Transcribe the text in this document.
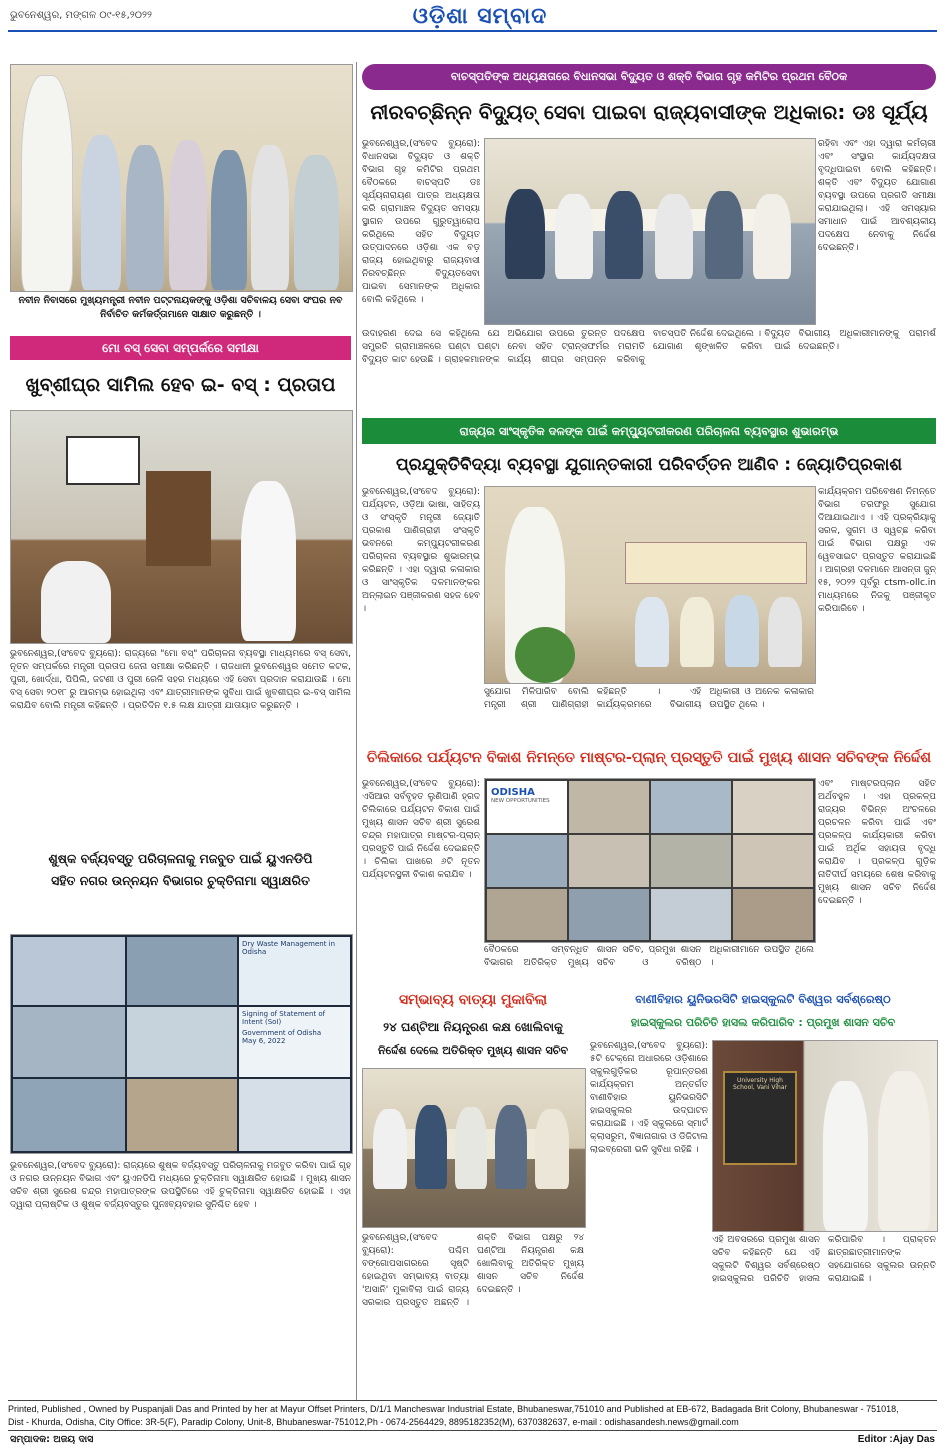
ଭୁବନେଶ୍ୱର, ମଙ୍ଗଳ ୦୯-୧୫,୨୦୨୨	ଓଡ଼ିଶା ସମ୍ବାଦ
ନବୀନ ନିବାସରେ ମୁଖ୍ୟମନ୍ତ୍ରୀ ନବୀନ ପଟ୍ଟନାୟକଙ୍କୁ ଓଡ଼ିଶା ସଚିବାଳୟ ସେବା ସଂଘର ନବ ନିର୍ବାଚିତ କର୍ମକର୍ତ୍ତାମାନେ ସାକ୍ଷାତ କରୁଛନ୍ତି ।
ମୋ ବସ୍ ସେବା ସମ୍ପର୍କରେ ସମୀକ୍ଷା
ଖୁବ୍‌ଶୀଘ୍ର ସାମିଲ ହେବ ଇ- ବସ୍ : ପ୍ରତାପ
ଭୁବନେଶ୍ୱର,(ସଂବେଦ ବ୍ୟୁରୋ): ରାଜ୍ୟରେ "ମୋ ବସ୍" ପରିଚାଳନା ବ୍ୟବସ୍ଥା ମାଧ୍ୟମରେ ବସ୍ ସେବା, ନୂତନ ସମ୍ପର୍କରେ ମନ୍ତ୍ରୀ ପ୍ରତାପ ଜେନା ସମୀକ୍ଷା କରିଛନ୍ତି । ରାଜଧାନୀ ଭୁବନେଶ୍ୱର ସମେତ କଟକ, ପୁରୀ, ଖୋର୍ଦ୍ଧା, ପିପିଲି, ଜଟଣୀ ଓ ପୁରୀ ରେଳି ସହର ମଧ୍ୟରେ ଏହି ସେବା ପ୍ରଦାନ କରାଯାଉଛି । ମୋ ବସ୍ ସେବା ୨୦୧୮ ରୁ ଆରମ୍ଭ ହୋଇଥିଲା ଏବଂ ଯାତ୍ରୀମାନଙ୍କ ସୁବିଧା ପାଇଁ ଖୁବଶୀଘ୍ର ଇ-ବସ୍ ସାମିଲ କରାଯିବ ବୋଲି ମନ୍ତ୍ରୀ କହିଛନ୍ତି । ପ୍ରତିଦିନ ୧.୫ ଲକ୍ଷ ଯାତ୍ରୀ ଯାତାୟାତ କରୁଛନ୍ତି ।
ଶୁଷ୍କ ବର୍ଜ୍ୟବସ୍ତୁ ପରିଚାଳନାକୁ ମଜବୁତ ପାଇଁ ୟୁଏନଡିପି
ସହିତ ନଗର ଉନ୍ନୟନ ବିଭାଗର ଚୁକ୍ତିନାମା ସ୍ୱାକ୍ଷରିତ
Dry Waste Management in Odisha
Signing of Statement of Intent (SoI)
Government of Odisha
May 6, 2022
ଭୁବନେଶ୍ୱର,(ସଂବେଦ ବ୍ୟୁରୋ): ରାଜ୍ୟରେ ଶୁଷ୍କ ବର୍ଜ୍ୟବସ୍ତୁ ପରିଚାଳନାକୁ ମଜବୁତ କରିବା ପାଇଁ ଗୃହ ଓ ନଗର ଉନ୍ନୟନ ବିଭାଗ ଏବଂ ୟୁଏନଡିପି ମଧ୍ୟରେ ଚୁକ୍ତିନାମା ସ୍ୱାକ୍ଷରିତ ହୋଇଛି । ମୁଖ୍ୟ ଶାସନ ସଚିବ ଶ୍ରୀ ସୁରେଶ ଚନ୍ଦ୍ର ମହାପାତ୍ରଙ୍କ ଉପସ୍ଥିତିରେ ଏହି ଚୁକ୍ତିନାମା ସ୍ୱାକ୍ଷରିତ ହୋଇଛି । ଏହା ଦ୍ୱାରା ପ୍ଲାଷ୍ଟିକ ଓ ଶୁଷ୍କ ବର୍ଜ୍ୟବସ୍ତୁର ପୁନଃବ୍ୟବହାର ସୁନିଶ୍ଚିତ ହେବ ।
ବାଚସ୍ପତିଙ୍କ ଅଧ୍ୟକ୍ଷତାରେ ବିଧାନସଭା ବିଦ୍ୟୁତ ଓ ଶକ୍ତି ବିଭାଗ ଗୃହ କମିଟିର ପ୍ରଥମ ବୈଠକ
ନୀରବଚ୍ଛିନ୍ନ ବିଦ୍ୟୁତ୍ ସେବା ପାଇବା ରାଜ୍ୟବାସୀଙ୍କ ଅଧିକାର: ଡଃ ସୂର୍ଯ୍ୟ
ଭୁବନେଶ୍ୱର,(ସଂବେଦ ବ୍ୟୁରୋ): ବିଧାନସଭା ବିଦ୍ୟୁତ ଓ ଶକ୍ତି ବିଭାଗ ଗୃହ କମିଟିର ପ୍ରଥମ ବୈଠକରେ ବାଚସ୍ପତି ଡଃ ସୂର୍ଯ୍ୟନାରାୟଣ ପାତ୍ର ଅଧ୍ୟକ୍ଷତା କରି ଗ୍ରାମାଞ୍ଚଳ ବିଦ୍ୟୁତ ସମସ୍ୟା ସ୍ଥାଗନ ଉପରେ ଗୁରୁତ୍ୱାରୋପ କରିଥିଲେ ସହିତ ବିଦ୍ୟୁତ ଉତ୍ପାଦନରେ ଓଡ଼ିଶା ଏକ ବଡ଼ ରାଜ୍ୟ ହୋଇଥିବାରୁ ରାଜ୍ୟବାସୀ ନିରବଚ୍ଛିନ୍ନ ବିଦ୍ୟୁତସେବା ପାଇବା ସେମାନଙ୍କ ଅଧିକାର ବୋଲି କହିଥିଲେ ।
ରହିବା ଏବଂ ଏହା ଦ୍ୱାରା କର୍ମଚାରୀ ଏବଂ ସଂସ୍ଥାର କାର୍ଯ୍ୟଦକ୍ଷତା ବୃଦ୍ଧିପାଇବା ବୋଲି କହିଛନ୍ତି। ଶକ୍ତି ଏବଂ ବିଦ୍ୟୁତ ଯୋଗାଣ ବ୍ୟବସ୍ଥା ଉପରେ ପ୍ରଗତି ସମୀକ୍ଷା କରାଯାଇଥିଲା। ଏହି ସମସ୍ୟାର ସମାଧାନ ପାଇଁ ଆବଶ୍ୟକୀୟ ପଦକ୍ଷେପ ନେବାକୁ ନିର୍ଦ୍ଦେଶ ଦେଇଛନ୍ତି।
ଉଦାହରଣ ଦେଇ ସେ କହିଥିଲେ ଯେ ସମ୍ପ୍ରତି ଗ୍ରାମାଞ୍ଚଳରେ ଘଣ୍ଟା ଘଣ୍ଟା ବିଦ୍ୟୁତ କାଟ ହେଉଛି । ଗ୍ରାହକମାନଙ୍କ ଅଭିଯୋଗ ଉପରେ ତୁରନ୍ତ ପଦକ୍ଷେପ ନେବା ସହିତ ଟ୍ରାନ୍ସଫର୍ମର ମରାମତି କାର୍ଯ୍ୟ ଶୀଘ୍ର ସମ୍ପନ୍ନ କରିବାକୁ ବାଚସ୍ପତି ନିର୍ଦ୍ଦେଶ ଦେଇଥିଲେ । ବିଦ୍ୟୁତ ଯୋଗାଣ ଶୃଙ୍ଖଳିତ କରିବା ପାଇଁ ବିଭାଗୀୟ ଅଧିକାରୀମାନଙ୍କୁ ପରାମର୍ଶ ଦେଇଛନ୍ତି।
ରାଜ୍ୟର ସାଂସ୍କୃତିକ ଦଳଙ୍କ ପାଇଁ କମ୍ପ୍ୟୁଟରୀକରଣ ପରିଚାଳନା ବ୍ୟବସ୍ଥାର ଶୁଭାରମ୍ଭ
ପ୍ରଯୁକ୍ତିବିଦ୍ୟା ବ୍ୟବସ୍ଥା ଯୁଗାନ୍ତକାରୀ ପରିବର୍ତ୍ତନ ଆଣିବ : ଜ୍ୟୋତିପ୍ରକାଶ
ଭୁବନେଶ୍ୱର,(ସଂବେଦ ବ୍ୟୁରୋ): ପର୍ଯ୍ୟଟନ, ଓଡ଼ିଆ ଭାଷା, ସାହିତ୍ୟ ଓ ସଂସ୍କୃତି ମନ୍ତ୍ରୀ ଜ୍ୟୋତି ପ୍ରକାଶ ପାଣିଗ୍ରାହୀ ସଂସ୍କୃତି ଭବନରେ କମ୍ପ୍ୟୁଟରୀକରଣ ପରିଚାଳନା ବ୍ୟବସ୍ଥାର ଶୁଭାରମ୍ଭ କରିଛନ୍ତି । ଏହା ଦ୍ୱାରା କଳାକାର ଓ ସାଂସ୍କୃତିକ ଦଳମାନଙ୍କର ଅନ୍‌ଲାଇନ ପଞ୍ଜୀକରଣ ସହଜ ହେବ ।
କାର୍ଯ୍ୟକ୍ରମ ପରିବେଷଣ ନିମନ୍ତେ ବିଭାଗ ତରଫରୁ ସୁଯୋଗ ଦିଆଯାଇଥାଏ । ଏହି ପ୍ରକ୍ରିୟାକୁ ସରଳ, ସୁଗମ ଓ ସ୍ୱଚ୍ଛ କରିବା ପାଇଁ ବିଭାଗ ପକ୍ଷରୁ ଏକ ୱେବସାଇଟ ପ୍ରସ୍ତୁତ କରାଯାଇଛି । ଆଗ୍ରହୀ ଦଳମାନେ ଆସନ୍ତା ଜୁନ୍ ୧୫, ୨୦୨୨ ପୂର୍ବରୁ ctsm-ollc.in ମାଧ୍ୟମରେ ନିଜକୁ ପଞ୍ଜୀକୃତ କରିପାରିବେ ।
ସୁଯୋଗ ମିଳିପାରିବ ବୋଲି ମନ୍ତ୍ରୀ ଶ୍ରୀ ପାଣିଗ୍ରାହୀ କହିଛନ୍ତି । ଏହି କାର୍ଯ୍ୟକ୍ରମରେ ବିଭାଗୀୟ ଅଧିକାରୀ ଓ ଅନେକ କଳାକାର ଉପସ୍ଥିତ ଥିଲେ ।
ଚିଲିକାରେ ପର୍ଯ୍ୟଟନ ବିକାଶ ନିମନ୍ତେ ମାଷ୍ଟର-ପ୍ଲାନ୍ ପ୍ରସ୍ତୁତି ପାଇଁ ମୁଖ୍ୟ ଶାସନ ସଚିବଙ୍କ ନିର୍ଦ୍ଦେଶ
ଭୁବନେଶ୍ୱର,(ସଂବେଦ ବ୍ୟୁରୋ): ଏସିଆର ସର୍ବବୃହତ ଲୁଣିପାଣି ହ୍ରଦ ଚିଲିକାରେ ପର୍ଯ୍ୟଟନ ବିକାଶ ପାଇଁ ମୁଖ୍ୟ ଶାସନ ସଚିବ ଶ୍ରୀ ସୁରେଶ ଚନ୍ଦ୍ର ମହାପାତ୍ର ମାଷ୍ଟର-ପ୍ଲାନ୍ ପ୍ରସ୍ତୁତି ପାଇଁ ନିର୍ଦ୍ଦେଶ ଦେଇଛନ୍ତି । ଚିଲିକା ପାଖରେ ୬ଟି ନୂତନ ପର୍ଯ୍ୟଟନସ୍ଥଳୀ ବିକାଶ କରାଯିବ ।
ODISHA
NEW OPPORTUNITIES
ଏବଂ ମାଷ୍ଟରପ୍ଲାନ ସହିତ ଅର୍ଥବହୁଳ । ଏହା ପ୍ରକଳ୍ପ ରାଜ୍ୟର ବିଭିନ୍ନ ଅଂଚଳରେ ପ୍ରଚଳନ କରିବା ପାଇଁ ଏବଂ ପ୍ରକଳ୍ପ କାର୍ଯ୍ୟକାରୀ କରିବା ପାଇଁ ଅର୍ଥିକ ସହାୟତା ବୃଦ୍ଧି କରାଯିବ । ପ୍ରକଳ୍ପ ଗୁଡ଼ିକ ନାତିଦୀର୍ଘ ସମୟରେ ଶେଷ କରିବାକୁ ମୁଖ୍ୟ ଶାସନ ସଚିବ ନିର୍ଦ୍ଦେଶ ଦେଇଛନ୍ତି ।
ବୈଠକରେ ସମ୍ବନ୍ଧିତ ବିଭାଗର ଅତିରିକ୍ତ ମୁଖ୍ୟ ଶାସନ ସଚିବ, ପ୍ରମୁଖ ଶାସନ ସଚିବ ଓ ବରିଷ୍ଠ ଅଧିକାରୀମାନେ ଉପସ୍ଥିତ ଥିଲେ ।
ସମ୍ଭାବ୍ୟ ବାତ୍ୟା ମୁକାବିଲା
୨୪ ଘଣ୍ଟିଆ ନିୟନ୍ତ୍ରଣ କକ୍ଷ ଖୋଲିବାକୁ
ନିର୍ଦ୍ଦେଶ ଦେଲେ ଅତିରିକ୍ତ ମୁଖ୍ୟ ଶାସନ ସଚିବ
ଭୁବନେଶ୍ୱର,(ସଂବେଦ ବ୍ୟୁରୋ): ପଶ୍ଚିମ ବଙ୍ଗୋପସାଗରରେ ସୃଷ୍ଟି ହୋଇଥିବା ସମ୍ଭାବ୍ୟ ବାତ୍ୟା 'ଅସାନି' ମୁକାବିଲା ପାଇଁ ରାଜ୍ୟ ସରକାର ପ୍ରସ୍ତୁତ ଅଛନ୍ତି । ଶକ୍ତି ବିଭାଗ ପକ୍ଷରୁ ୨୪ ଘଣ୍ଟିଆ ନିୟନ୍ତ୍ରଣ କକ୍ଷ ଖୋଲିବାକୁ ଅତିରିକ୍ତ ମୁଖ୍ୟ ଶାସନ ସଚିବ ନିର୍ଦ୍ଦେଶ ଦେଇଛନ୍ତି ।
ବାଣୀବିହାର ୟୁନିଭରସିଟି ହାଇସ୍କୁଲଟି ବିଶ୍ୱର ସର୍ବଶ୍ରେଷ୍ଠ
ହାଇସ୍କୁଲର ପରିଚିତି ହାସଲ କରିପାରିବ : ପ୍ରମୁଖ ଶାସନ ସଚିବ
ଭୁବନେଶ୍ୱର,(ସଂବେଦ ବ୍ୟୁରୋ): ୫ଟି ଟେକ୍ନୋ ଅଧାରରେ ଓଡ଼ିଶାରେ ସ୍କୁଲଗୁଡ଼ିକର ରୂପାନ୍ତରଣ କାର୍ଯ୍ୟକ୍ରମ ଅନ୍ତର୍ଗତ ବାଣୀବିହାର ୟୁନିଭରସିଟି ହାଇସ୍କୁଲର ଉଦ୍‌ଘାଟନ କରାଯାଇଛି । ଏହି ସ୍କୁଲରେ ସ୍ମାର୍ଟ କ୍ଲାସରୁମ, ବିଜ୍ଞାନାଗାର ଓ ଡିଜିଟାଲ ଲାଇବ୍ରେରୀ ଭଳି ସୁବିଧା ରହିଛି ।
University High School, Vani Vihar
ଏହି ଅବସରରେ ପ୍ରମୁଖ ଶାସନ ସଚିବ କହିଛନ୍ତି ଯେ ଏହି ସ୍କୁଲଟି ବିଶ୍ୱର ସର୍ବଶ୍ରେଷ୍ଠ ହାଇସ୍କୁଲର ପରିଚିତି ହାସଲ କରିପାରିବ । ପ୍ରାକ୍ତନ ଛାତ୍ରଛାତ୍ରୀମାନଙ୍କ ସହଯୋଗରେ ସ୍କୁଲର ଉନ୍ନତି କରାଯାଇଛି ।
Printed, Published , Owned by Puspanjali Das and Printed by her at Mayur Offset Printers, D/1/1 Mancheswar Industrial Estate, Bhubaneswar,751010 and Published at EB-672, Badagada Brit Colony, Bhubaneswar - 751018,
Dist - Khurda, Odisha, City Office: 3R-5(F), Paradip Colony, Unit-8, Bhubaneswar-751012,Ph - 0674-2564429, 8895182352(M), 6370382637, e-mail : odishasandesh.news@gmail.com
ସମ୍ପାଦକ: ଅଜୟ ଦାସ	Editor :Ajay Das
